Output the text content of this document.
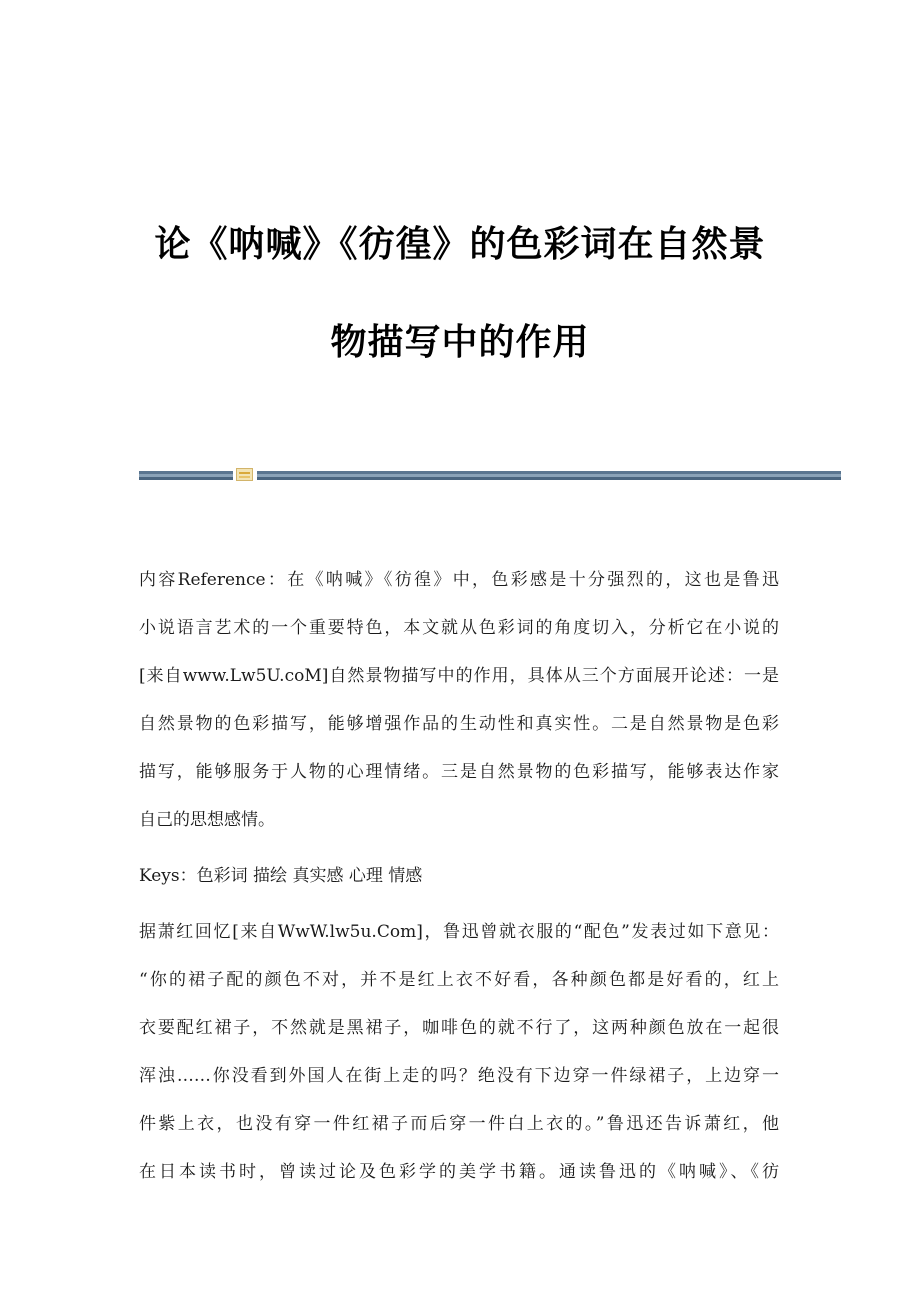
论《呐喊》《彷徨》的色彩词在自然景
物描写中的作用
内容Reference：在《呐喊》《彷徨》中，色彩感是十分强烈的，这也是鲁迅
小说语言艺术的一个重要特色，本文就从色彩词的角度切入，分析它在小说的
[来自www.Lw5U.coM]自然景物描写中的作用，具体从三个方面展开论述：一是
自然景物的色彩描写，能够增强作品的生动性和真实性。二是自然景物是色彩
描写，能够服务于人物的心理情绪。三是自然景物的色彩描写，能够表达作家
自己的思想感情。
Keys：色彩词 描绘 真实感 心理 情感
据萧红回忆[来自WwW.lw5u.Com]，鲁迅曾就衣服的“配色”发表过如下意见：
“你的裙子配的颜色不对，并不是红上衣不好看，各种颜色都是好看的，红上
衣要配红裙子，不然就是黑裙子，咖啡色的就不行了，这两种颜色放在一起很
浑浊……你没看到外国人在街上走的吗？绝没有下边穿一件绿裙子，上边穿一
件紫上衣，也没有穿一件红裙子而后穿一件白上衣的。”鲁迅还告诉萧红，他
在日本读书时，曾读过论及色彩学的美学书籍。通读鲁迅的《呐喊》、《彷
